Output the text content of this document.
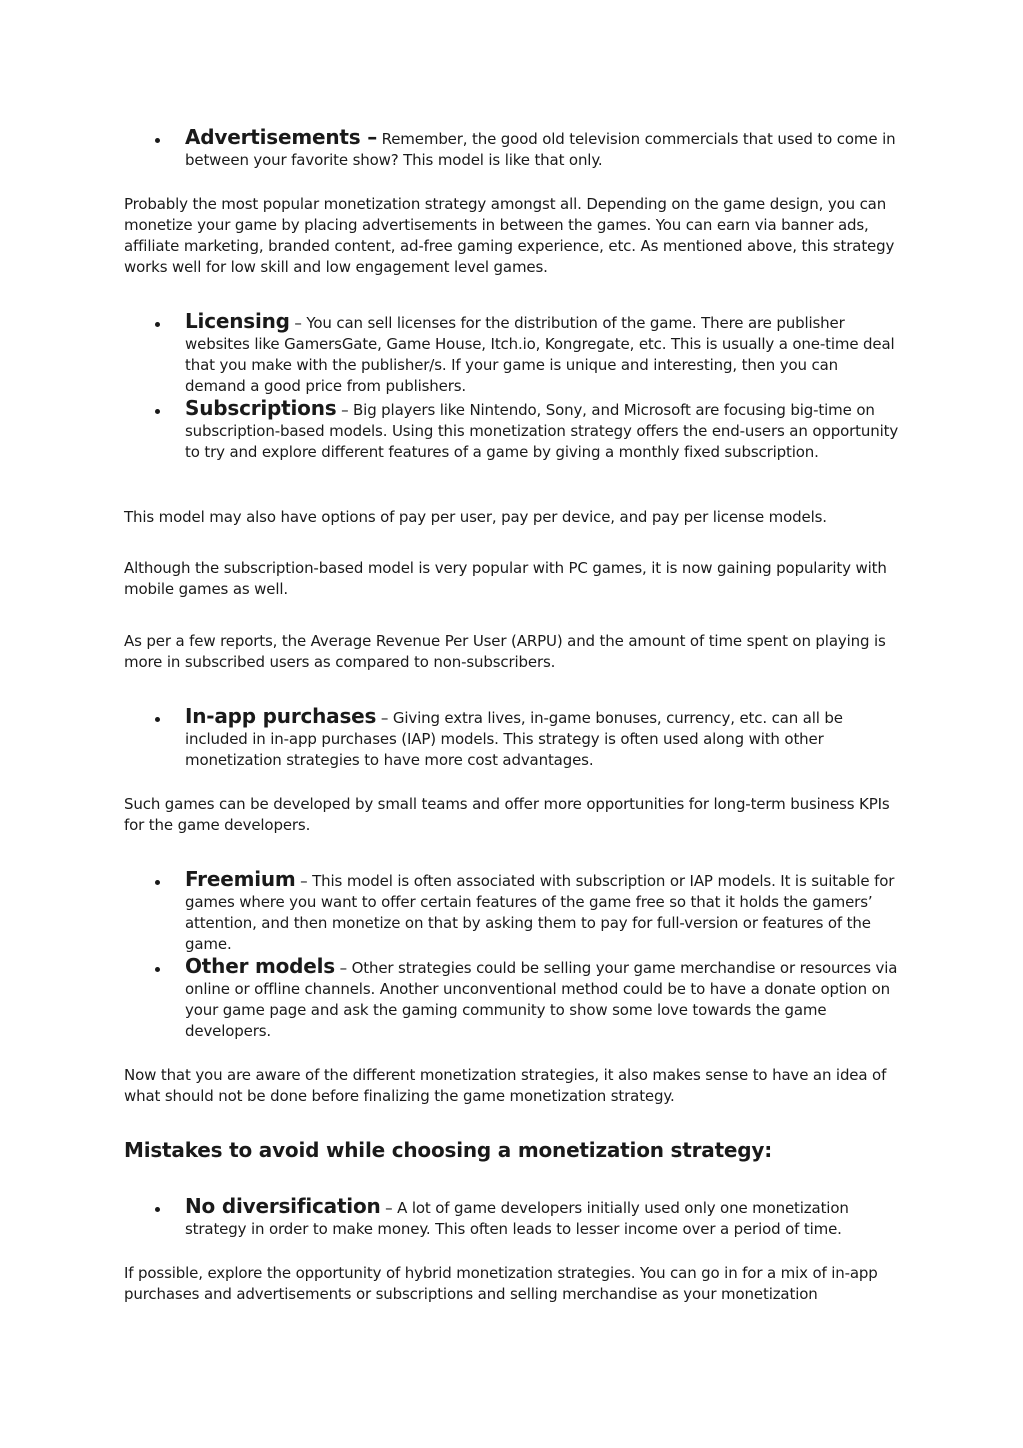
Advertisements – Remember, the good old television commercials that used to come in between your favorite show? This model is like that only.
Probably the most popular monetization strategy amongst all. Depending on the game design, you can monetize your game by placing advertisements in between the games. You can earn via banner ads, affiliate marketing, branded content, ad-free gaming experience, etc. As mentioned above, this strategy works well for low skill and low engagement level games.
Licensing – You can sell licenses for the distribution of the game. There are publisher websites like GamersGate, Game House, Itch.io, Kongregate, etc. This is usually a one-time deal that you make with the publisher/s. If your game is unique and interesting, then you can demand a good price from publishers.
Subscriptions – Big players like Nintendo, Sony, and Microsoft are focusing big-time on subscription-based models. Using this monetization strategy offers the end-users an opportunity to try and explore different features of a game by giving a monthly fixed subscription.
This model may also have options of pay per user, pay per device, and pay per license models.
Although the subscription-based model is very popular with PC games, it is now gaining popularity with mobile games as well.
As per a few reports, the Average Revenue Per User (ARPU) and the amount of time spent on playing is more in subscribed users as compared to non-subscribers.
In-app purchases – Giving extra lives, in-game bonuses, currency, etc. can all be included in in-app purchases (IAP) models. This strategy is often used along with other monetization strategies to have more cost advantages.
Such games can be developed by small teams and offer more opportunities for long-term business KPIs for the game developers.
Freemium – This model is often associated with subscription or IAP models. It is suitable for games where you want to offer certain features of the game free so that it holds the gamers’ attention, and then monetize on that by asking them to pay for full-version or features of the game.
Other models – Other strategies could be selling your game merchandise or resources via online or offline channels. Another unconventional method could be to have a donate option on your game page and ask the gaming community to show some love towards the game developers.
Now that you are aware of the different monetization strategies, it also makes sense to have an idea of what should not be done before finalizing the game monetization strategy.
Mistakes to avoid while choosing a monetization strategy:
No diversification – A lot of game developers initially used only one monetization strategy in order to make money. This often leads to lesser income over a period of time.
If possible, explore the opportunity of hybrid monetization strategies. You can go in for a mix of in-app purchases and advertisements or subscriptions and selling merchandise as your monetization
